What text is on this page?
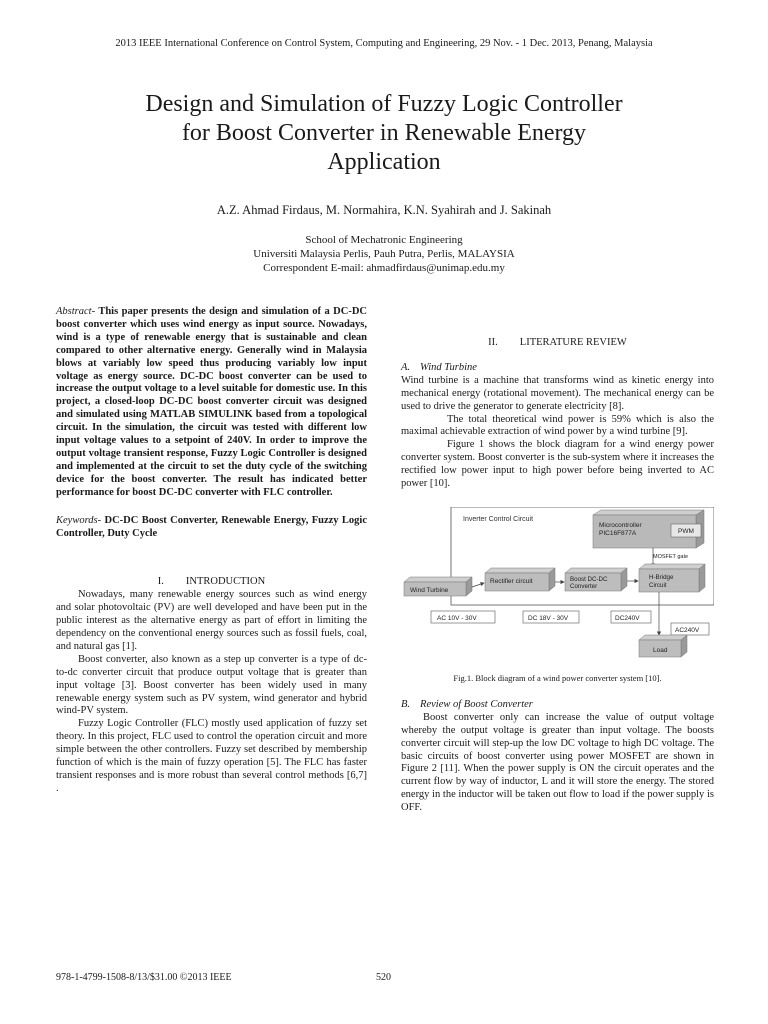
2013 IEEE International Conference on Control System, Computing and Engineering, 29 Nov. - 1 Dec. 2013, Penang, Malaysia
Design and Simulation of Fuzzy Logic Controller
for Boost Converter in Renewable Energy
Application
A.Z. Ahmad Firdaus, M. Normahira, K.N. Syahirah and J. Sakinah
School of Mechatronic Engineering
Universiti Malaysia Perlis, Pauh Putra, Perlis, MALAYSIA
Correspondent E-mail: ahmadfirdaus@unimap.edu.my

Abstract- This paper presents the design and simulation of a DC-DC boost converter which uses wind energy as input source. Nowadays, wind is a type of renewable energy that is sustainable and clean compared to other alternative energy. Generally wind in Malaysia blows at variably low speed thus producing variably low input voltage as energy source. DC-DC boost converter can be used to increase the output voltage to a level suitable for domestic use. In this project, a closed-loop DC-DC boost converter circuit was designed and simulated using MATLAB SIMULINK based from a topological circuit. In the simulation, the circuit was tested with different low input voltage values to a setpoint of 240V. In order to improve the output voltage transient response, Fuzzy Logic Controller is designed and implemented at the circuit to set the duty cycle of the switching device for the boost converter. The result has indicated better performance for boost DC-DC converter with FLC controller.

Keywords- DC-DC Boost Converter, Renewable Energy, Fuzzy Logic Controller, Duty Cycle

I. INTRODUCTION

Nowadays, many renewable energy sources such as wind energy and solar photovoltaic (PV) are well developed and have been put in the public interest as the alternative energy as part of effort in limiting the dependency on the conventional energy sources such as fossil fuels, coal, and natural gas [1].

Boost converter, also known as a step up converter is a type of dc-to-dc converter circuit that produce output voltage that is greater than input voltage [3]. Boost converter has been widely used in many renewable energy system such as PV system, wind generator and hybrid wind-PV system.

Fuzzy Logic Controller (FLC) mostly used application of fuzzy set theory. In this project, FLC used to control the operation circuit and more simple between the other controllers. Fuzzy set described by membership function of which is the main of fuzzy operation [5]. The FLC has faster transient responses and is more robust than several control methods [6,7] .

II. LITERATURE REVIEW

A. Wind Turbine

Wind turbine is a machine that transforms wind as kinetic energy into mechanical energy (rotational movement). The mechanical energy can be used to drive the generator to generate electricity [8].

The total theoretical wind power is 59% which is also the maximal achievable extraction of wind power by a wind turbine [9].

Figure 1 shows the block diagram for a wind energy power converter system. Boost converter is the sub-system where it increases the rectified low power input to high power before being inverted to AC power [10].

Inverter Control Circuit
Microcontroller
PIC16F877A	PWM
MOSFET gate
Wind Turbine
Rectifier circuit	Boost DC-DC
Converter
H-Bridge
Circuit
AC 10V - 30V	DC 18V - 30V	DC240V
AC240V
Load

Fig.1. Block diagram of a wind power converter system [10].

B. Review of Boost Converter

Boost converter only can increase the value of output voltage whereby the output voltage is greater than input voltage. The boosts converter circuit will step-up the low DC voltage to high DC voltage. The basic circuits of boost converter using power MOSFET are shown in Figure 2 [11]. When the power supply is ON the circuit operates and the current flow by way of inductor, L and it will store the energy. The stored energy in the inductor will be taken out flow to load if the power supply is OFF.

978-1-4799-1508-8/13/$31.00 ©2013 IEEE	520
